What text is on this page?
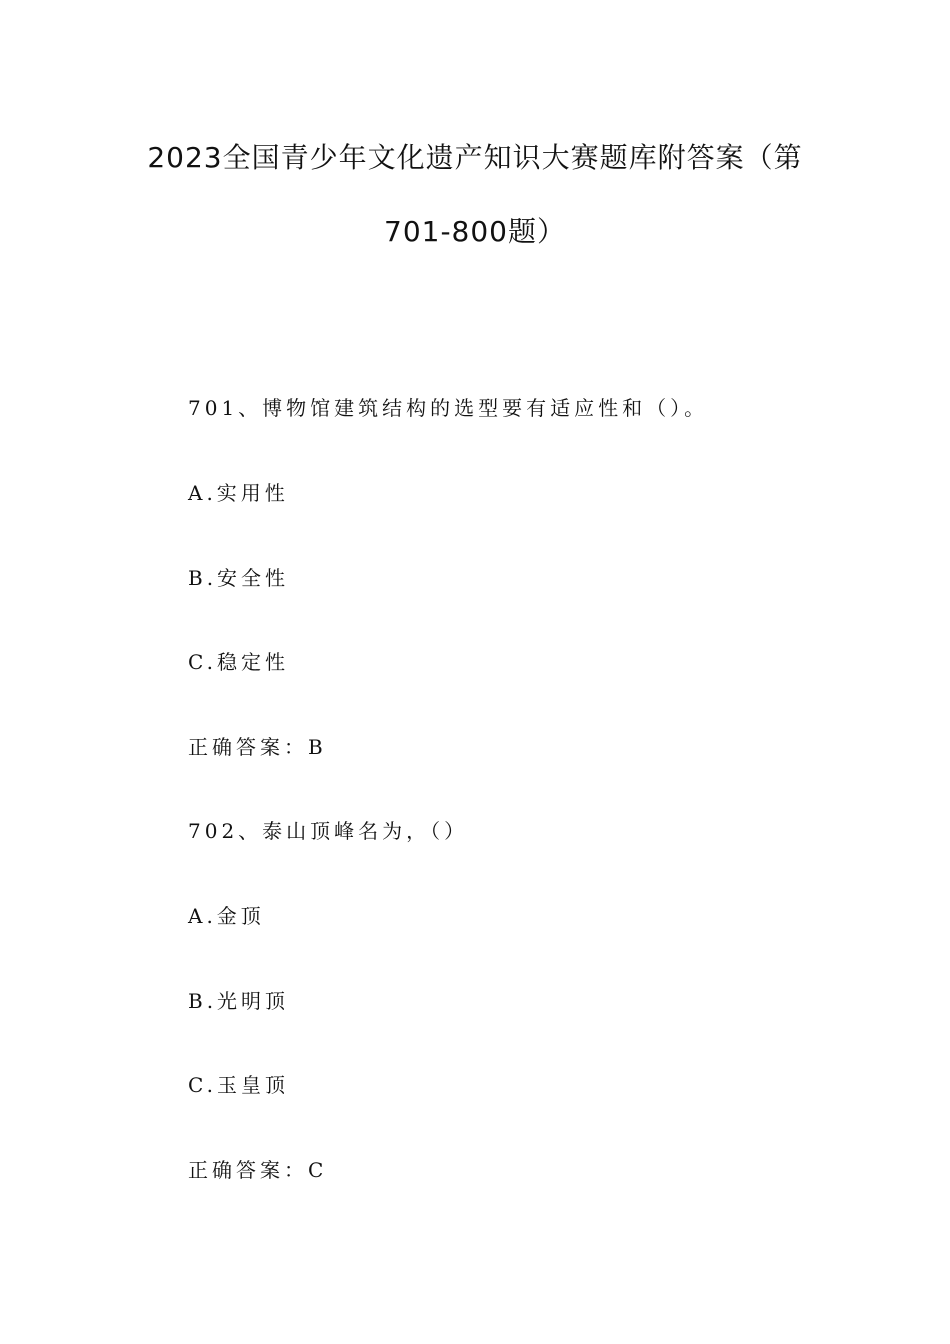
2023全国青少年文化遗产知识大赛题库附答案（第
701-800题）
701、博物馆建筑结构的选型要有适应性和（）。
A.实用性
B.安全性
C.稳定性
正确答案：B
702、泰山顶峰名为，（）
A.金顶
B.光明顶
C.玉皇顶
正确答案：C
